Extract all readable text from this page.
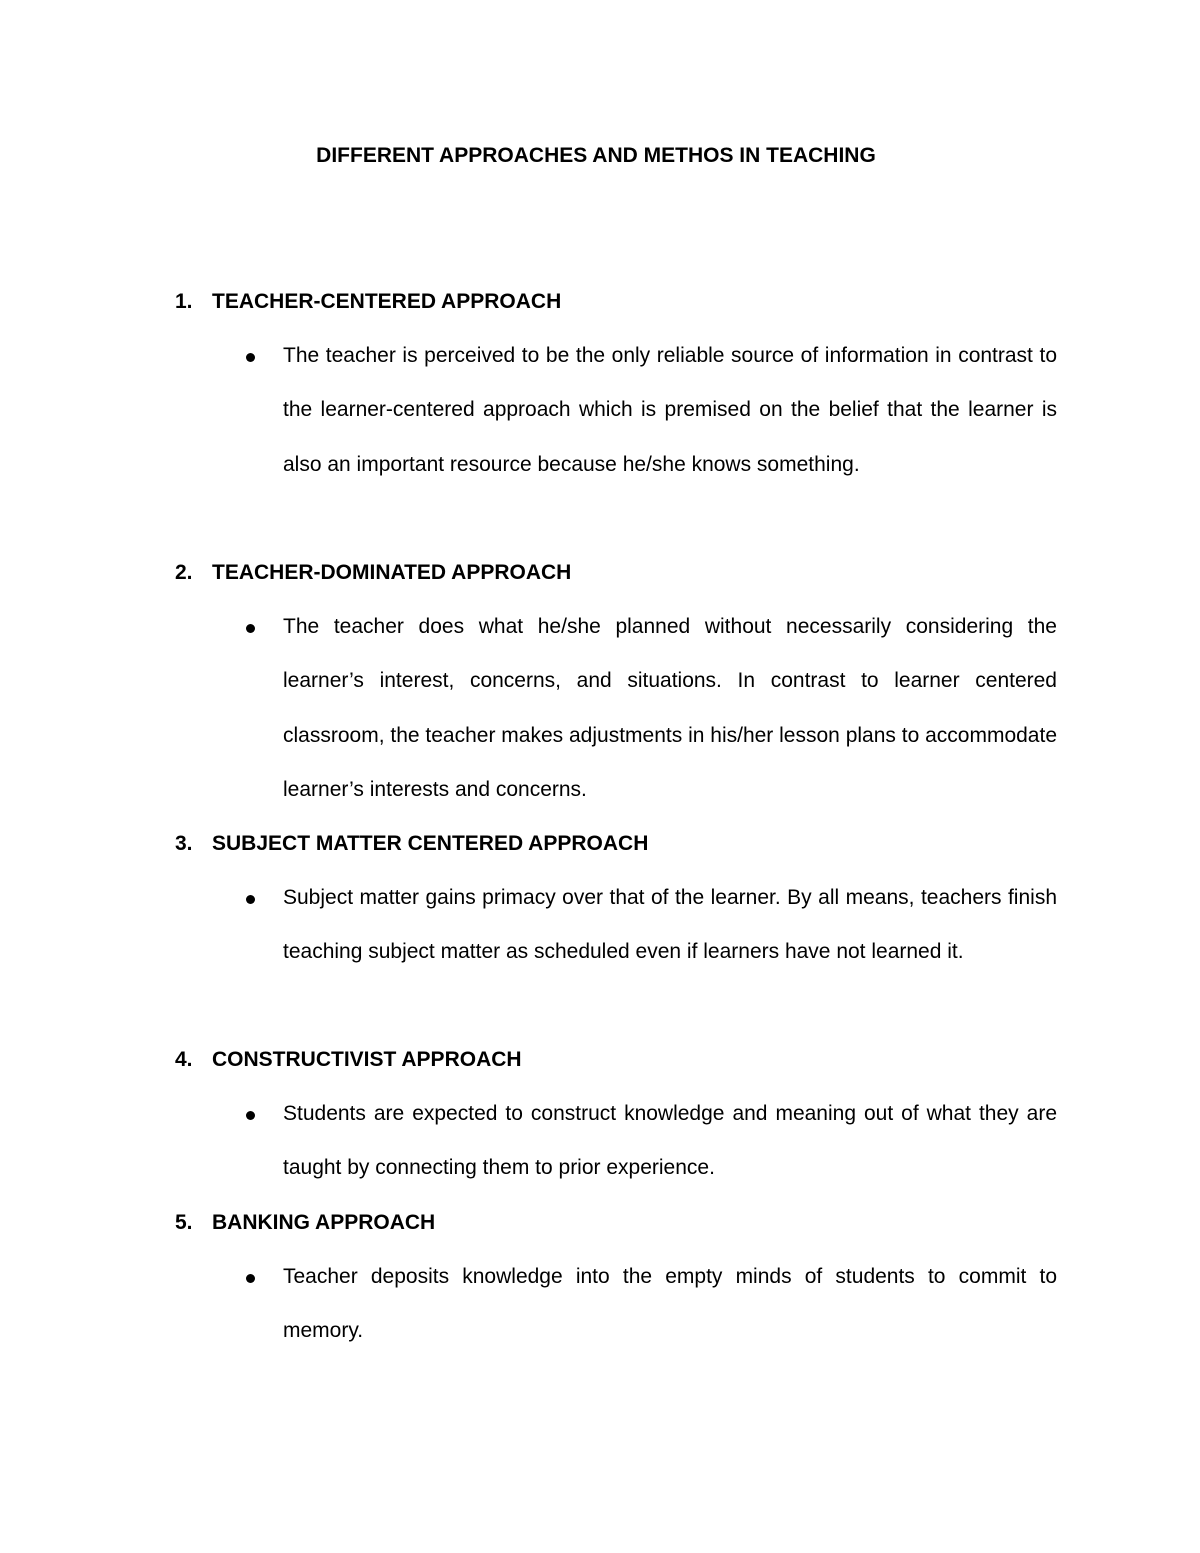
DIFFERENT APPROACHES AND METHOS IN TEACHING
1. TEACHER-CENTERED APPROACH

The teacher is perceived to be the only reliable source of information in contrast to the learner-centered approach which is premised on the belief that the learner is also an important resource because he/she knows something.

2. TEACHER-DOMINATED APPROACH

The teacher does what he/she planned without necessarily considering the learner’s interest, concerns, and situations. In contrast to learner centered classroom, the teacher makes adjustments in his/her lesson plans to accommodate learner’s interests and concerns.

3. SUBJECT MATTER CENTERED APPROACH

Subject matter gains primacy over that of the learner. By all means, teachers finish teaching subject matter as scheduled even if learners have not learned it.

4. CONSTRUCTIVIST APPROACH

Students are expected to construct knowledge and meaning out of what they are taught by connecting them to prior experience.

5. BANKING APPROACH

Teacher deposits knowledge into the empty minds of students to commit to memory.
